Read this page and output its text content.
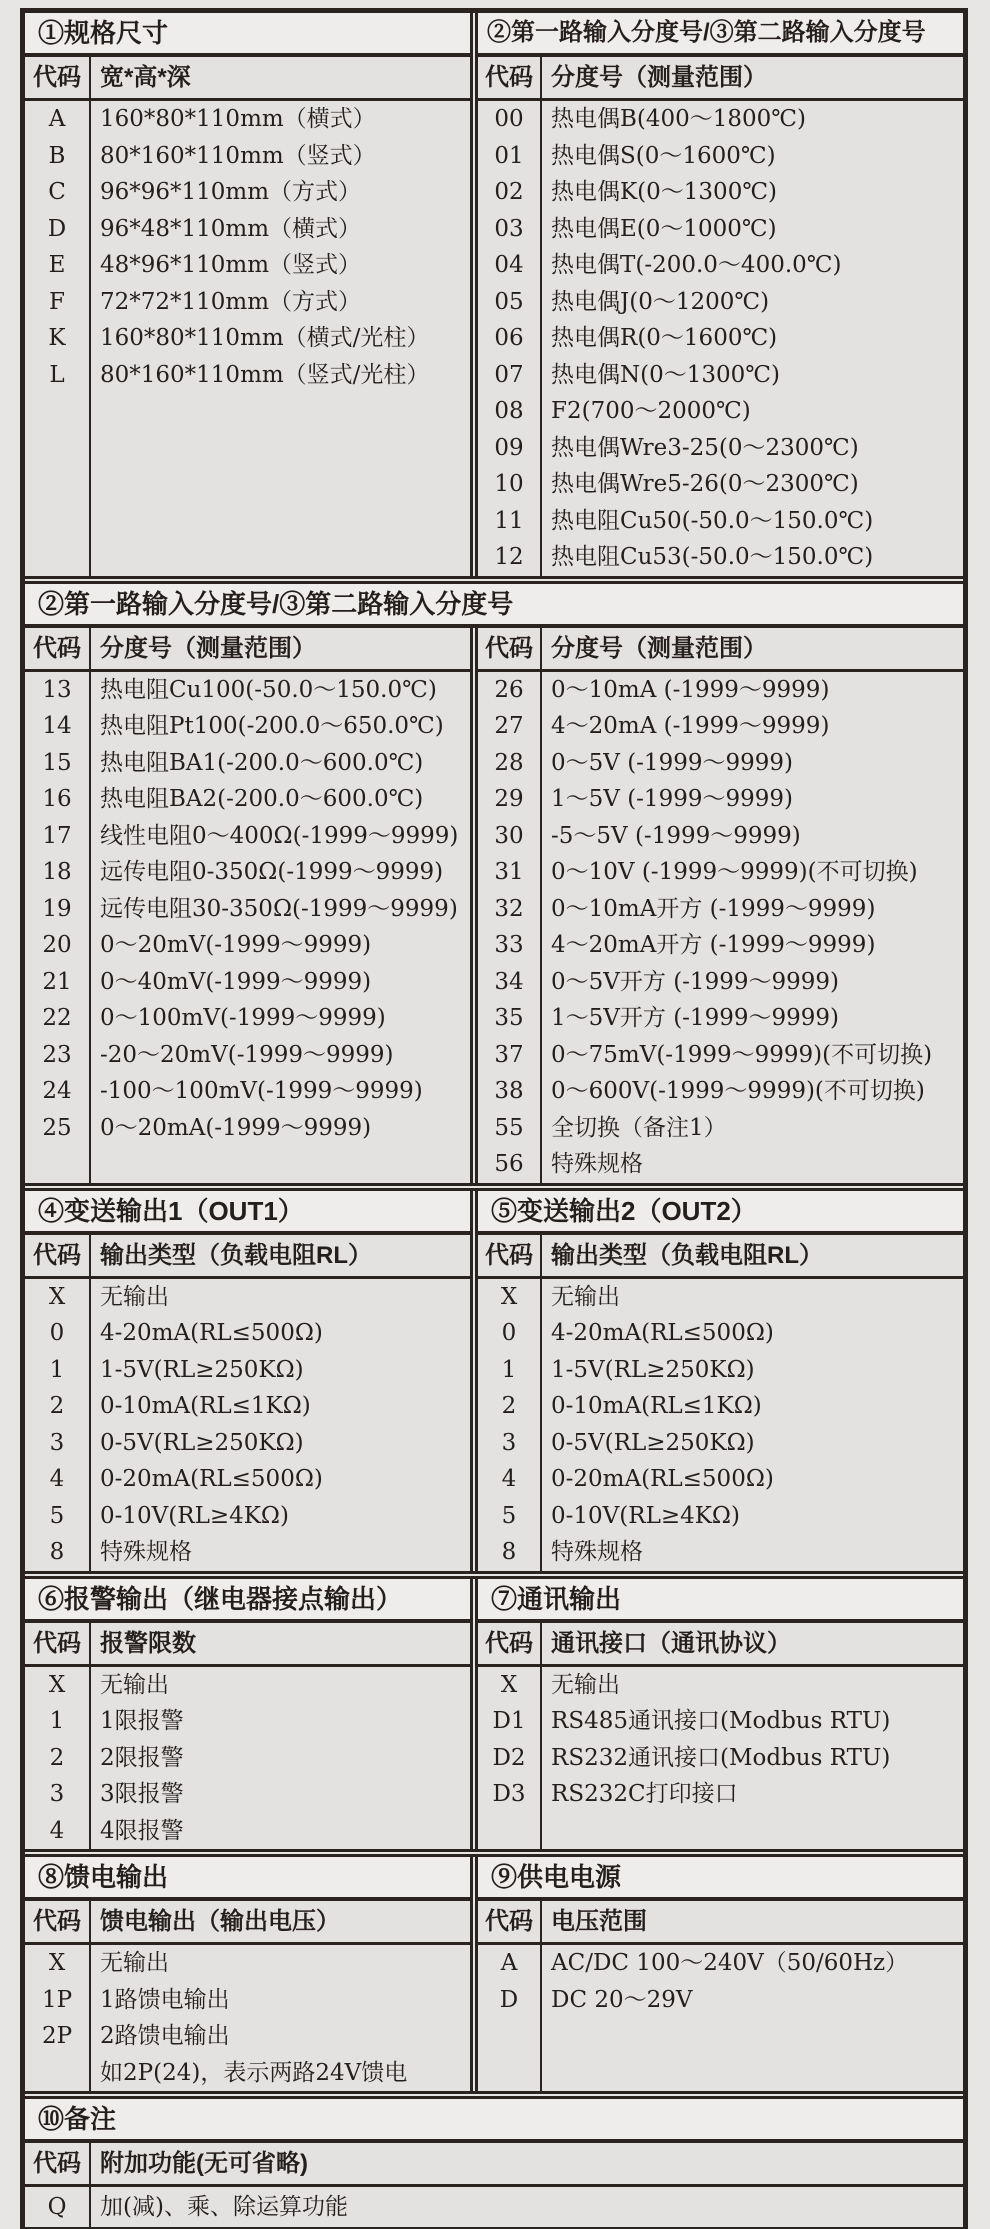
①规格尺寸
代码 宽*高*深
A	160*80*110mm（横式）
B	80*160*110mm（竖式）
C	96*96*110mm（方式）
D	96*48*110mm（横式）
E	48*96*110mm（竖式）
F	72*72*110mm（方式）
K	160*80*110mm（横式/光柱）
L	80*160*110mm（竖式/光柱）
②第一路输入分度号/③第二路输入分度号
代码 分度号（测量范围）
00	热电偶B(400～1800℃)
01	热电偶S(0～1600℃)
02	热电偶K(0～1300℃)
03	热电偶E(0～1000℃)
04	热电偶T(-200.0～400.0℃)
05	热电偶J(0～1200℃)
06	热电偶R(0～1600℃)
07	热电偶N(0～1300℃)
08	F2(700～2000℃)
09	热电偶Wre3-25(0～2300℃)
10	热电偶Wre5-26(0～2300℃)
11	热电阻Cu50(-50.0～150.0℃)
12	热电阻Cu53(-50.0～150.0℃)
②第一路输入分度号/③第二路输入分度号
代码 分度号（测量范围）
13	热电阻Cu100(-50.0～150.0℃)
14	热电阻Pt100(-200.0～650.0℃)
15	热电阻BA1(-200.0～600.0℃)
16	热电阻BA2(-200.0～600.0℃)
17	线性电阻0～400Ω(-1999～9999)
18	远传电阻0-350Ω(-1999～9999)
19	远传电阻30-350Ω(-1999～9999)
20	0～20mV(-1999～9999)
21	0～40mV(-1999～9999)
22	0～100mV(-1999～9999)
23	-20～20mV(-1999～9999)
24	-100～100mV(-1999～9999)
25	0～20mA(-1999～9999)
代码 分度号（测量范围）
26	0～10mA (-1999～9999)
27	4～20mA (-1999～9999)
28	0～5V (-1999～9999)
29	1～5V (-1999～9999)
30	-5～5V (-1999～9999)
31	0～10V (-1999～9999)(不可切换)
32	0～10mA开方 (-1999～9999)
33	4～20mA开方 (-1999～9999)
34	0～5V开方 (-1999～9999)
35	1～5V开方 (-1999～9999)
37	0～75mV(-1999～9999)(不可切换)
38	0～600V(-1999～9999)(不可切换)
55	全切换（备注1）
56	特殊规格
④变送输出1（OUT1）
代码 输出类型（负载电阻RL）
X	无输出
0	4-20mA(RL≤500Ω)
1	1-5V(RL≥250KΩ)
2	0-10mA(RL≤1KΩ)
3	0-5V(RL≥250KΩ)
4	0-20mA(RL≤500Ω)
5	0-10V(RL≥4KΩ)
8	特殊规格
⑤变送输出2（OUT2）
代码 输出类型（负载电阻RL）
X	无输出
0	4-20mA(RL≤500Ω)
1	1-5V(RL≥250KΩ)
2	0-10mA(RL≤1KΩ)
3	0-5V(RL≥250KΩ)
4	0-20mA(RL≤500Ω)
5	0-10V(RL≥4KΩ)
8	特殊规格
⑥报警输出（继电器接点输出）
代码 报警限数
X	无输出
1	1限报警
2	2限报警
3	3限报警
4	4限报警
⑦通讯输出
代码 通讯接口（通讯协议）
X	无输出
D1	RS485通讯接口(Modbus RTU)
D2	RS232通讯接口(Modbus RTU)
D3	RS232C打印接口
⑧馈电输出
代码 馈电输出（输出电压）
X	无输出
1P	1路馈电输出
2P	2路馈电输出
如2P(24)，表示两路24V馈电
⑨供电电源
代码 电压范围
A	AC/DC 100～240V（50/60Hz）
D	DC 20～29V
⑩备注
代码 附加功能(无可省略)
Q	加(减)、乘、除运算功能
